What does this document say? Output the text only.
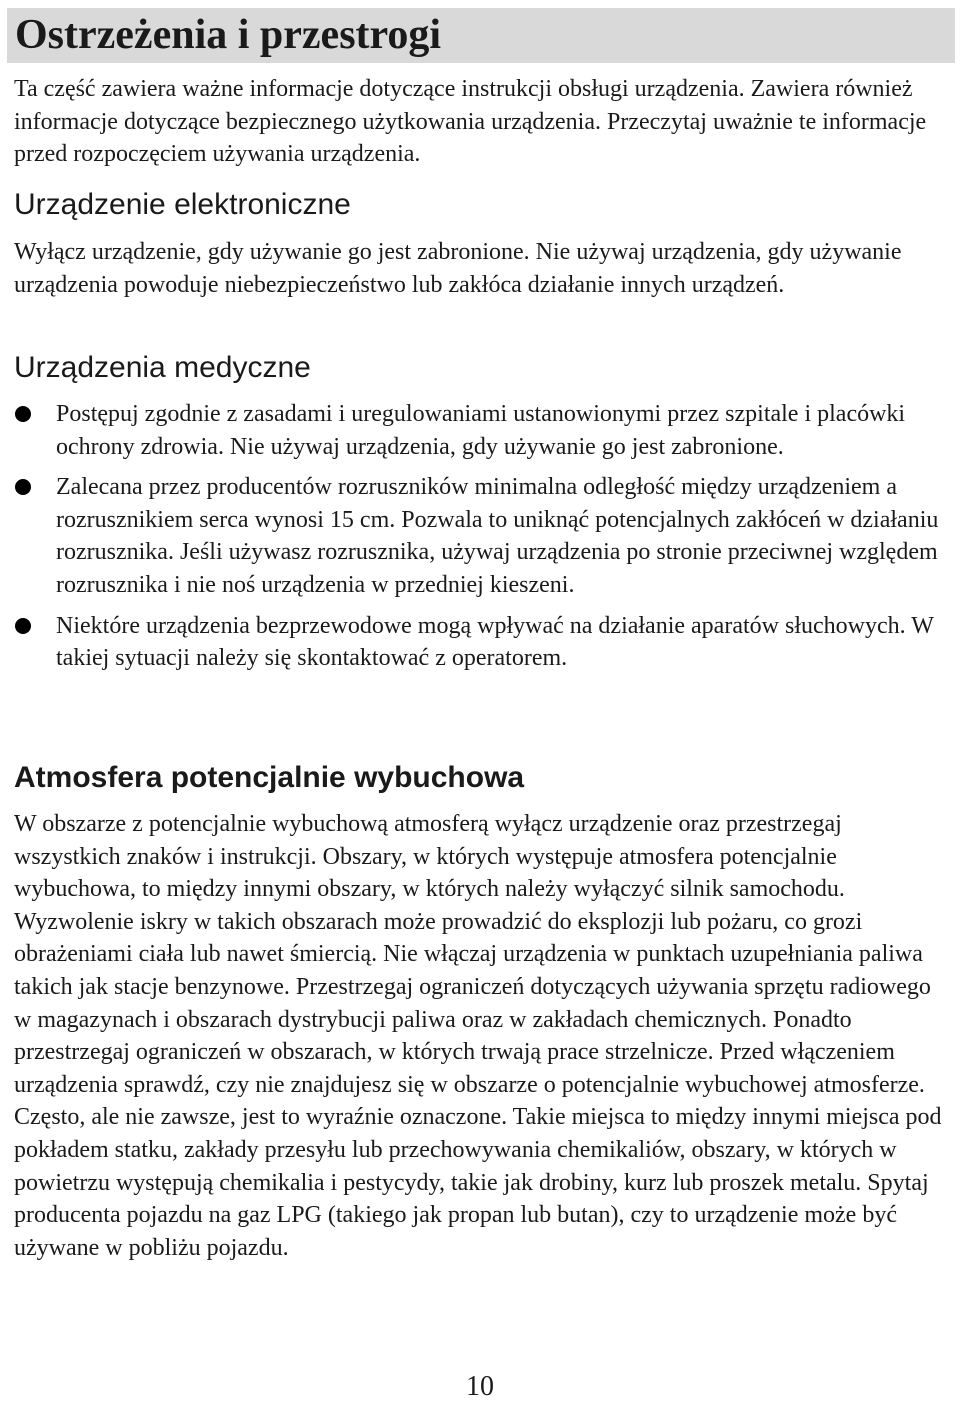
Ostrzeżenia i przestrogi

Ta część zawiera ważne informacje dotyczące instrukcji obsługi urządzenia. Zawiera również informacje dotyczące bezpiecznego użytkowania urządzenia. Przeczytaj uważnie te informacje przed rozpoczęciem używania urządzenia.

Urządzenie elektroniczne

Wyłącz urządzenie, gdy używanie go jest zabronione. Nie używaj urządzenia, gdy używanie urządzenia powoduje niebezpieczeństwo lub zakłóca działanie innych urządzeń.

Urządzenia medyczne
Postępuj zgodnie z zasadami i uregulowaniami ustanowionymi przez szpitale i placówki ochrony zdrowia. Nie używaj urządzenia, gdy używanie go jest zabronione.
Zalecana przez producentów rozruszników minimalna odległość między urządzeniem a rozrusznikiem serca wynosi 15 cm. Pozwala to uniknąć potencjalnych zakłóceń w działaniu rozrusznika. Jeśli używasz rozrusznika, używaj urządzenia po stronie przeciwnej względem rozrusznika i nie noś urządzenia w przedniej kieszeni.
Niektóre urządzenia bezprzewodowe mogą wpływać na działanie aparatów słuchowych. W takiej sytuacji należy się skontaktować z operatorem.
Atmosfera potencjalnie wybuchowa

W obszarze z potencjalnie wybuchową atmosferą wyłącz urządzenie oraz przestrzegaj wszystkich znaków i instrukcji. Obszary, w których występuje atmosfera potencjalnie wybuchowa, to między innymi obszary, w których należy wyłączyć silnik samochodu. Wyzwolenie iskry w takich obszarach może prowadzić do eksplozji lub pożaru, co grozi obrażeniami ciała lub nawet śmiercią. Nie włączaj urządzenia w punktach uzupełniania paliwa takich jak stacje benzynowe. Przestrzegaj ograniczeń dotyczących używania sprzętu radiowego w magazynach i obszarach dystrybucji paliwa oraz w zakładach chemicznych. Ponadto przestrzegaj ograniczeń w obszarach, w których trwają prace strzelnicze. Przed włączeniem urządzenia sprawdź, czy nie znajdujesz się w obszarze o potencjalnie wybuchowej atmosferze. Często, ale nie zawsze, jest to wyraźnie oznaczone. Takie miejsca to między innymi miejsca pod pokładem statku, zakłady przesyłu lub przechowywania chemikaliów, obszary, w których w powietrzu występują chemikalia i pestycydy, takie jak drobiny, kurz lub proszek metalu. Spytaj producenta pojazdu na gaz LPG (takiego jak propan lub butan), czy to urządzenie może być używane w pobliżu pojazdu.

10
